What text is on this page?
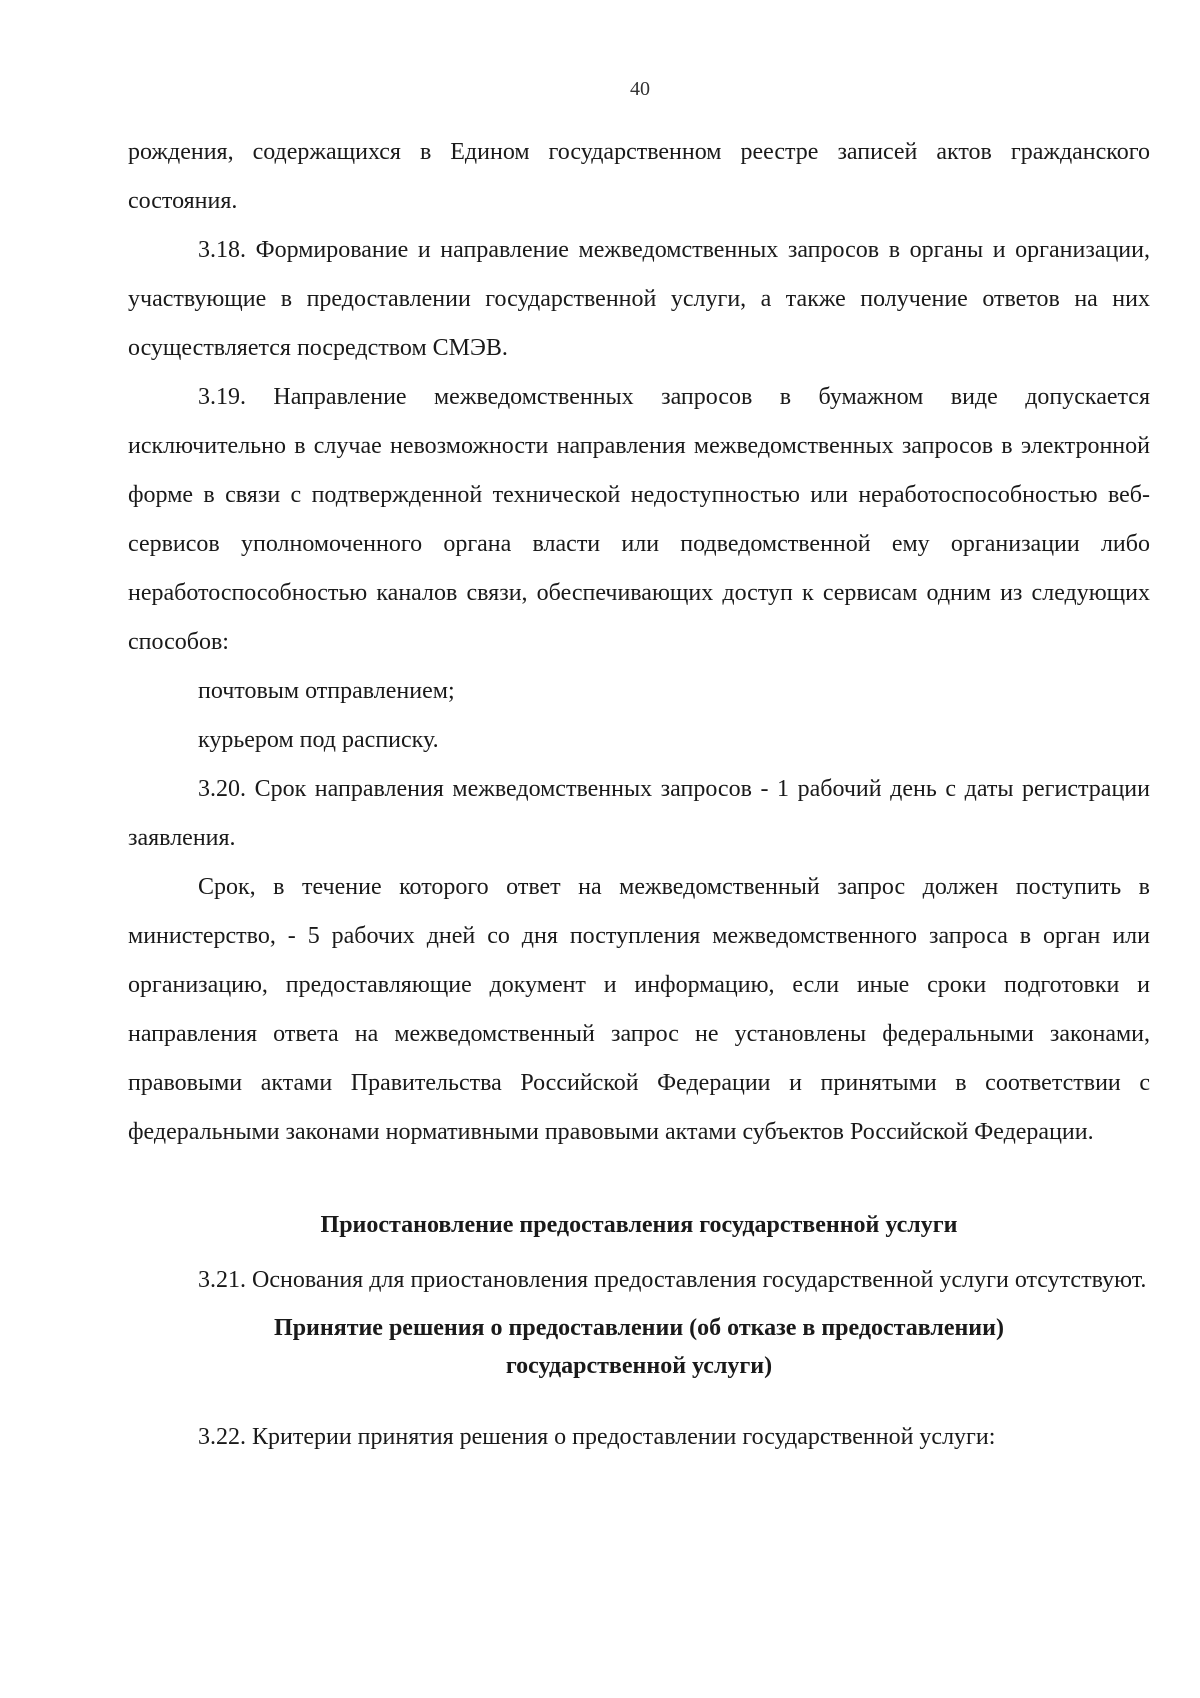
40

рождения, содержащихся в Едином государственном реестре записей актов гражданского состояния.

3.18. Формирование и направление межведомственных запросов в органы и организации, участвующие в предоставлении государственной услуги, а также получение ответов на них осуществляется посредством СМЭВ.

3.19. Направление межведомственных запросов в бумажном виде допускается исключительно в случае невозможности направления межведомственных запросов в электронной форме в связи с подтвержденной технической недоступностью или неработоспособностью веб-сервисов уполномоченного органа власти или подведомственной ему организации либо неработоспособностью каналов связи, обеспечивающих доступ к сервисам одним из следующих способов:

почтовым отправлением;

курьером под расписку.

3.20. Срок направления межведомственных запросов - 1 рабочий день с даты регистрации заявления.

Срок, в течение которого ответ на межведомственный запрос должен поступить в министерство, - 5 рабочих дней со дня поступления межведомственного запроса в орган или организацию, предоставляющие документ и информацию, если иные сроки подготовки и направления ответа на межведомственный запрос не установлены федеральными законами, правовыми актами Правительства Российской Федерации и принятыми в соответствии с федеральными законами нормативными правовыми актами субъектов Российской Федерации.

Приостановление предоставления государственной услуги

3.21. Основания для приостановления предоставления государственной услуги отсутствуют.

Принятие решения о предоставлении (об отказе в предоставлении)
государственной услуги)

3.22. Критерии принятия решения о предоставлении государственной услуги:
